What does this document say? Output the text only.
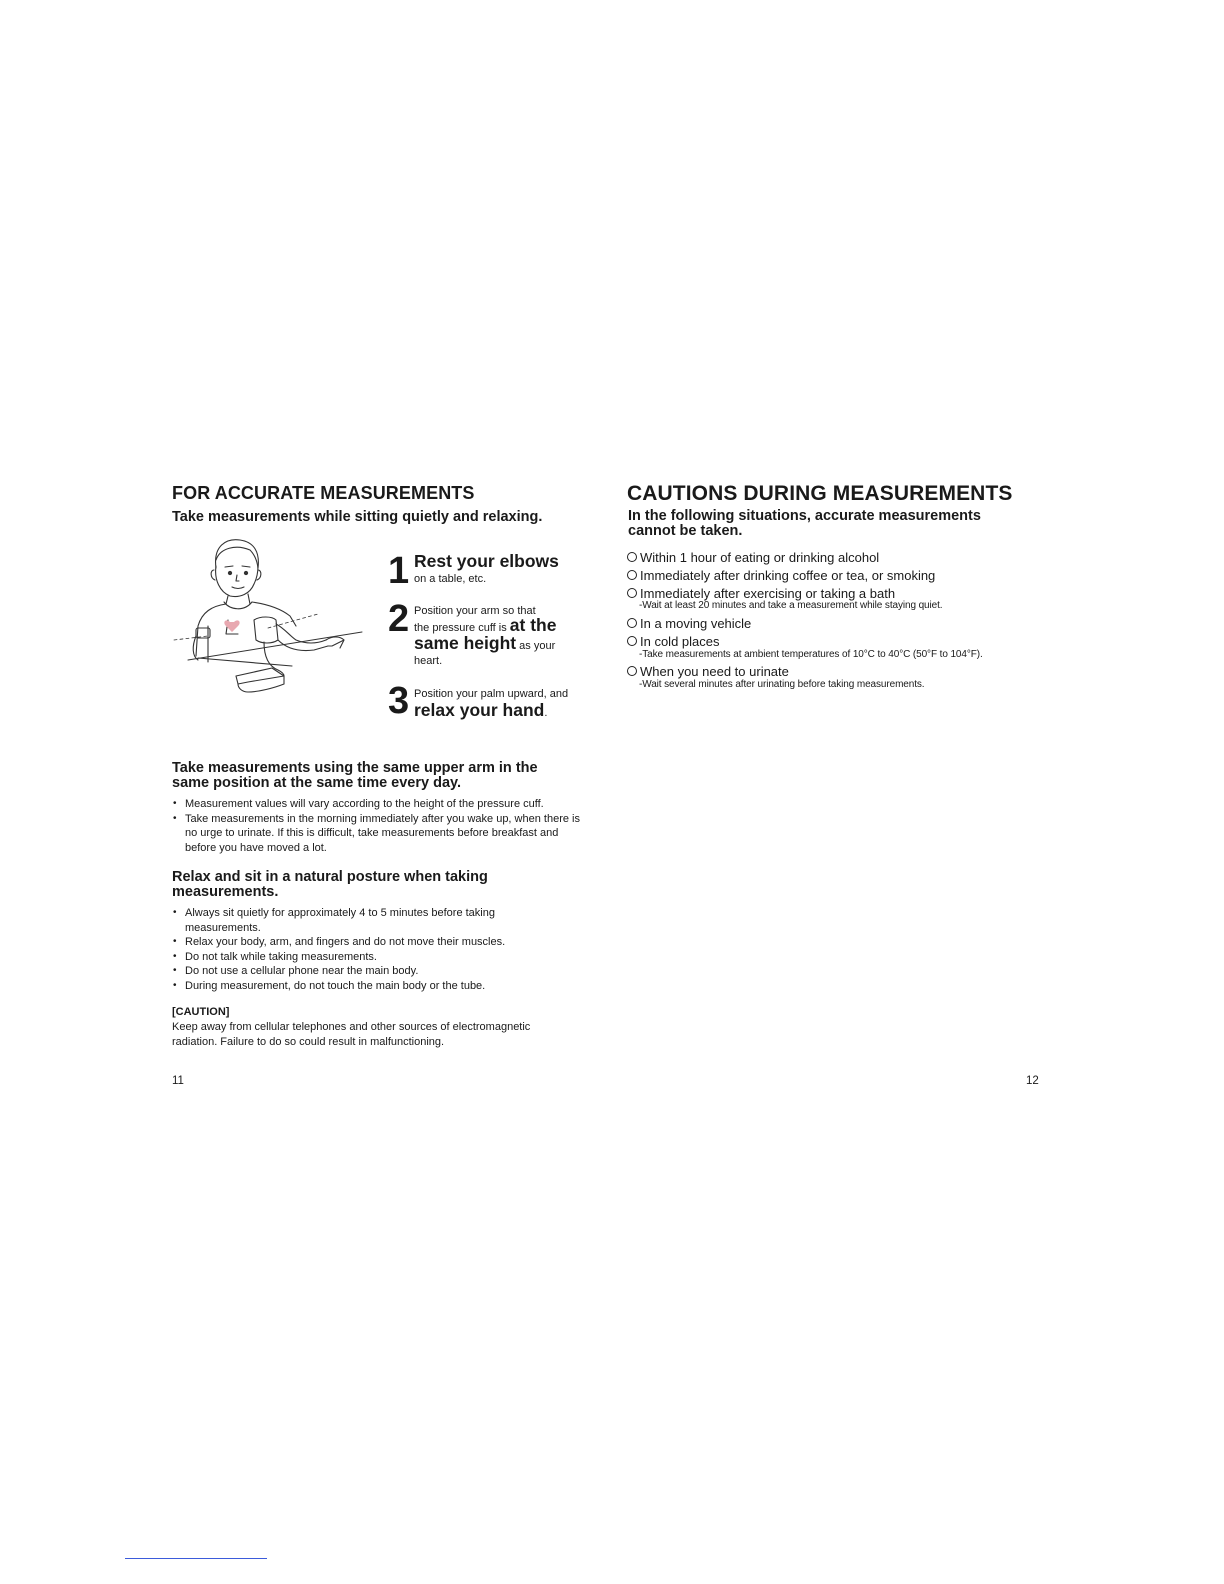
FOR ACCURATE MEASUREMENTS
Take measurements while sitting quietly and relaxing.
1 Rest your elbows
on a table, etc.
2 Position your arm so that
the pressure cuff is at the
same height as your
heart.
3 Position your palm upward, and
relax your hand.
Take measurements using the same upper arm in the
same position at the same time every day.
• Measurement values will vary according to the height of the pressure cuff.
• Take measurements in the morning immediately after you wake up, when there is no urge to urinate. If this is difficult, take measurements before breakfast and before you have moved a lot.
Relax and sit in a natural posture when taking
measurements.
• Always sit quietly for approximately 4 to 5 minutes before taking measurements.
• Relax your body, arm, and fingers and do not move their muscles.
• Do not talk while taking measurements.
• Do not use a cellular phone near the main body.
• During measurement, do not touch the main body or the tube.
[CAUTION]
Keep away from cellular telephones and other sources of electromagnetic
radiation. Failure to do so could result in malfunctioning.
11
CAUTIONS DURING MEASUREMENTS
In the following situations, accurate measurements
cannot be taken.
Within 1 hour of eating or drinking alcohol
Immediately after drinking coffee or tea, or smoking
Immediately after exercising or taking a bath
-Wait at least 20 minutes and take a measurement while staying quiet.
In a moving vehicle
In cold places
-Take measurements at ambient temperatures of 10°C to 40°C (50°F to 104°F).
When you need to urinate
-Wait several minutes after urinating before taking measurements.
12
